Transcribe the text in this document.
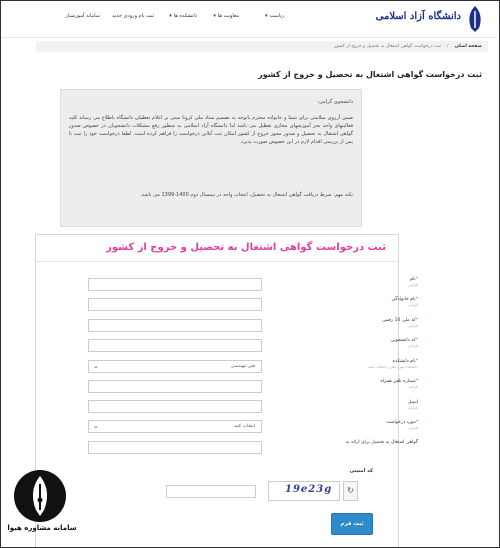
دانشگاه آزاد اسلامی
ریاست▾
معاونت ها▾
دانشکده ها▾
ثبت نام ورودی جدید
سامانه آموزشیار
صفحه اصلی/ثبت درخواست گواهی اشتغال به تحصیل و خروج از کشور
ثبت درخواست گواهی اشتغال به تحصیل و خروج از کشور

دانشجوی گرامی:

ضمن آرزوی سلامتی برای شما و خانواده محترم باتوجه به تصمیم ستاد ملی کرونا مبنی بر اعلام تعطیلی دانشگاه باطلاع می رساند کلیه فعالیتهای واحد بجز آموزشهای مجازی تعطیل می باشد لذا دانشگاه آزاد اسلامی به منظور رفع مشکلات دانشجویان در خصوص صدور گواهی اشتغال به تحصیل و صدور مجوز خروج از کشور امکان ثبت آنلاین درخواست را فراهم کرده است. لطفا درخواست خود را ثبت تا پس از بررسی اقدام لازم در این خصوص صورت پذیرد.

نکته مهم: شرط دریافت گواهی اشتغال به تحصیل، انتخاب واحد در نیمسال دوم 1400-1399 می باشد.

ثبت درخواست گواهی اشتغال به تحصیل و خروج از کشور
*نام
الزامی
*نام خانوادگی
الزامی
*کد ملی 10 رقمی
الزامی
*کد دانشجویی
الزامی
*نام دانشکده
دانشکده مورد نظر را انتخاب کنید
فنی مهندسی
⌄
*شماره تلفن همراه
الزامی
ایمیل
الزامی
*مورد درخواست
الزامی
انتخاب کنید
⌄
گواهی اشتغال به تحصیل برای ارائه به
کد امنیتی
19e23g	↻
ثبت فرم
سامانه مشاوره هیوا
